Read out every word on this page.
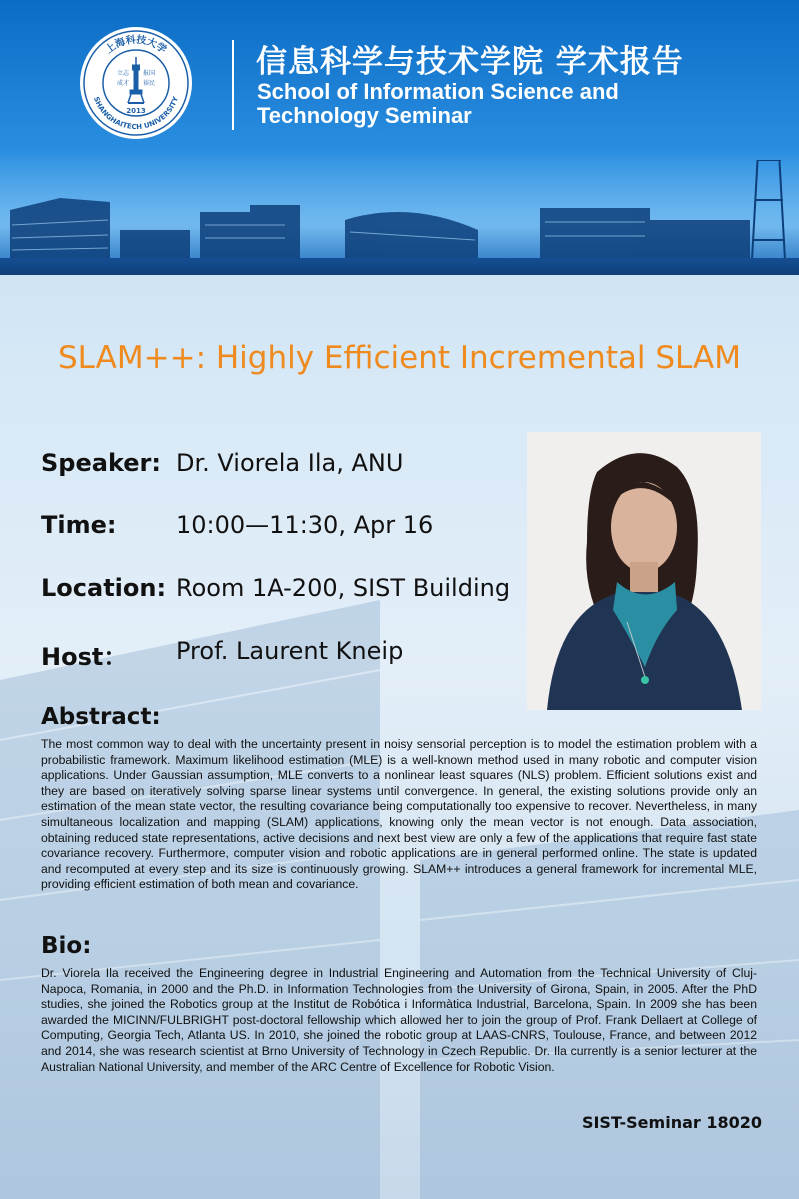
上海科技大学
SHANGHAITECH UNIVERSITY
立志
成才
报国
裕民
2013
信息科学与技术学院 学术报告
School of Information Science and
Technology Seminar
SLAM++: Highly Efficient Incremental SLAM
Speaker: Dr. Viorela Ila, ANU
Time: 10:00—11:30, Apr 16
Location: Room 1A-200, SIST Building
Host： Prof. Laurent Kneip
Abstract:

The most common way to deal with the uncertainty present in noisy sensorial perception is to model the estimation problem with a probabilistic framework. Maximum likelihood estimation (MLE) is a well-known method used in many robotic and computer vision applications. Under Gaussian assumption, MLE converts to a nonlinear least squares (NLS) problem. Efficient solutions exist and they are based on iteratively solving sparse linear systems until convergence. In general, the existing solutions provide only an estimation of the mean state vector, the resulting covariance being computationally too expensive to recover. Nevertheless, in many simultaneous localization and mapping (SLAM) applications, knowing only the mean vector is not enough. Data association, obtaining reduced state representations, active decisions and next best view are only a few of the applications that require fast state covariance recovery. Furthermore, computer vision and robotic applications are in general performed online. The state is updated and recomputed at every step and its size is continuously growing. SLAM++ introduces a general framework for incremental MLE, providing efficient estimation of both mean and covariance.

Bio:

Dr. Viorela Ila received the Engineering degree in Industrial Engineering and Automation from the Technical University of Cluj-Napoca, Romania, in 2000 and the Ph.D. in Information Technologies from the University of Girona, Spain, in 2005. After the PhD studies, she joined the Robotics group at the Institut de Robótica i Informàtica Industrial, Barcelona, Spain. In 2009 she has been awarded the MICINN/FULBRIGHT post-doctoral fellowship which allowed her to join the group of Prof. Frank Dellaert at College of Computing, Georgia Tech, Atlanta US. In 2010, she joined the robotic group at LAAS-CNRS, Toulouse, France, and between 2012 and 2014, she was research scientist at Brno University of Technology in Czech Republic. Dr. Ila currently is a senior lecturer at the Australian National University, and member of the ARC Centre of Excellence for Robotic Vision.

SIST-Seminar 18020
